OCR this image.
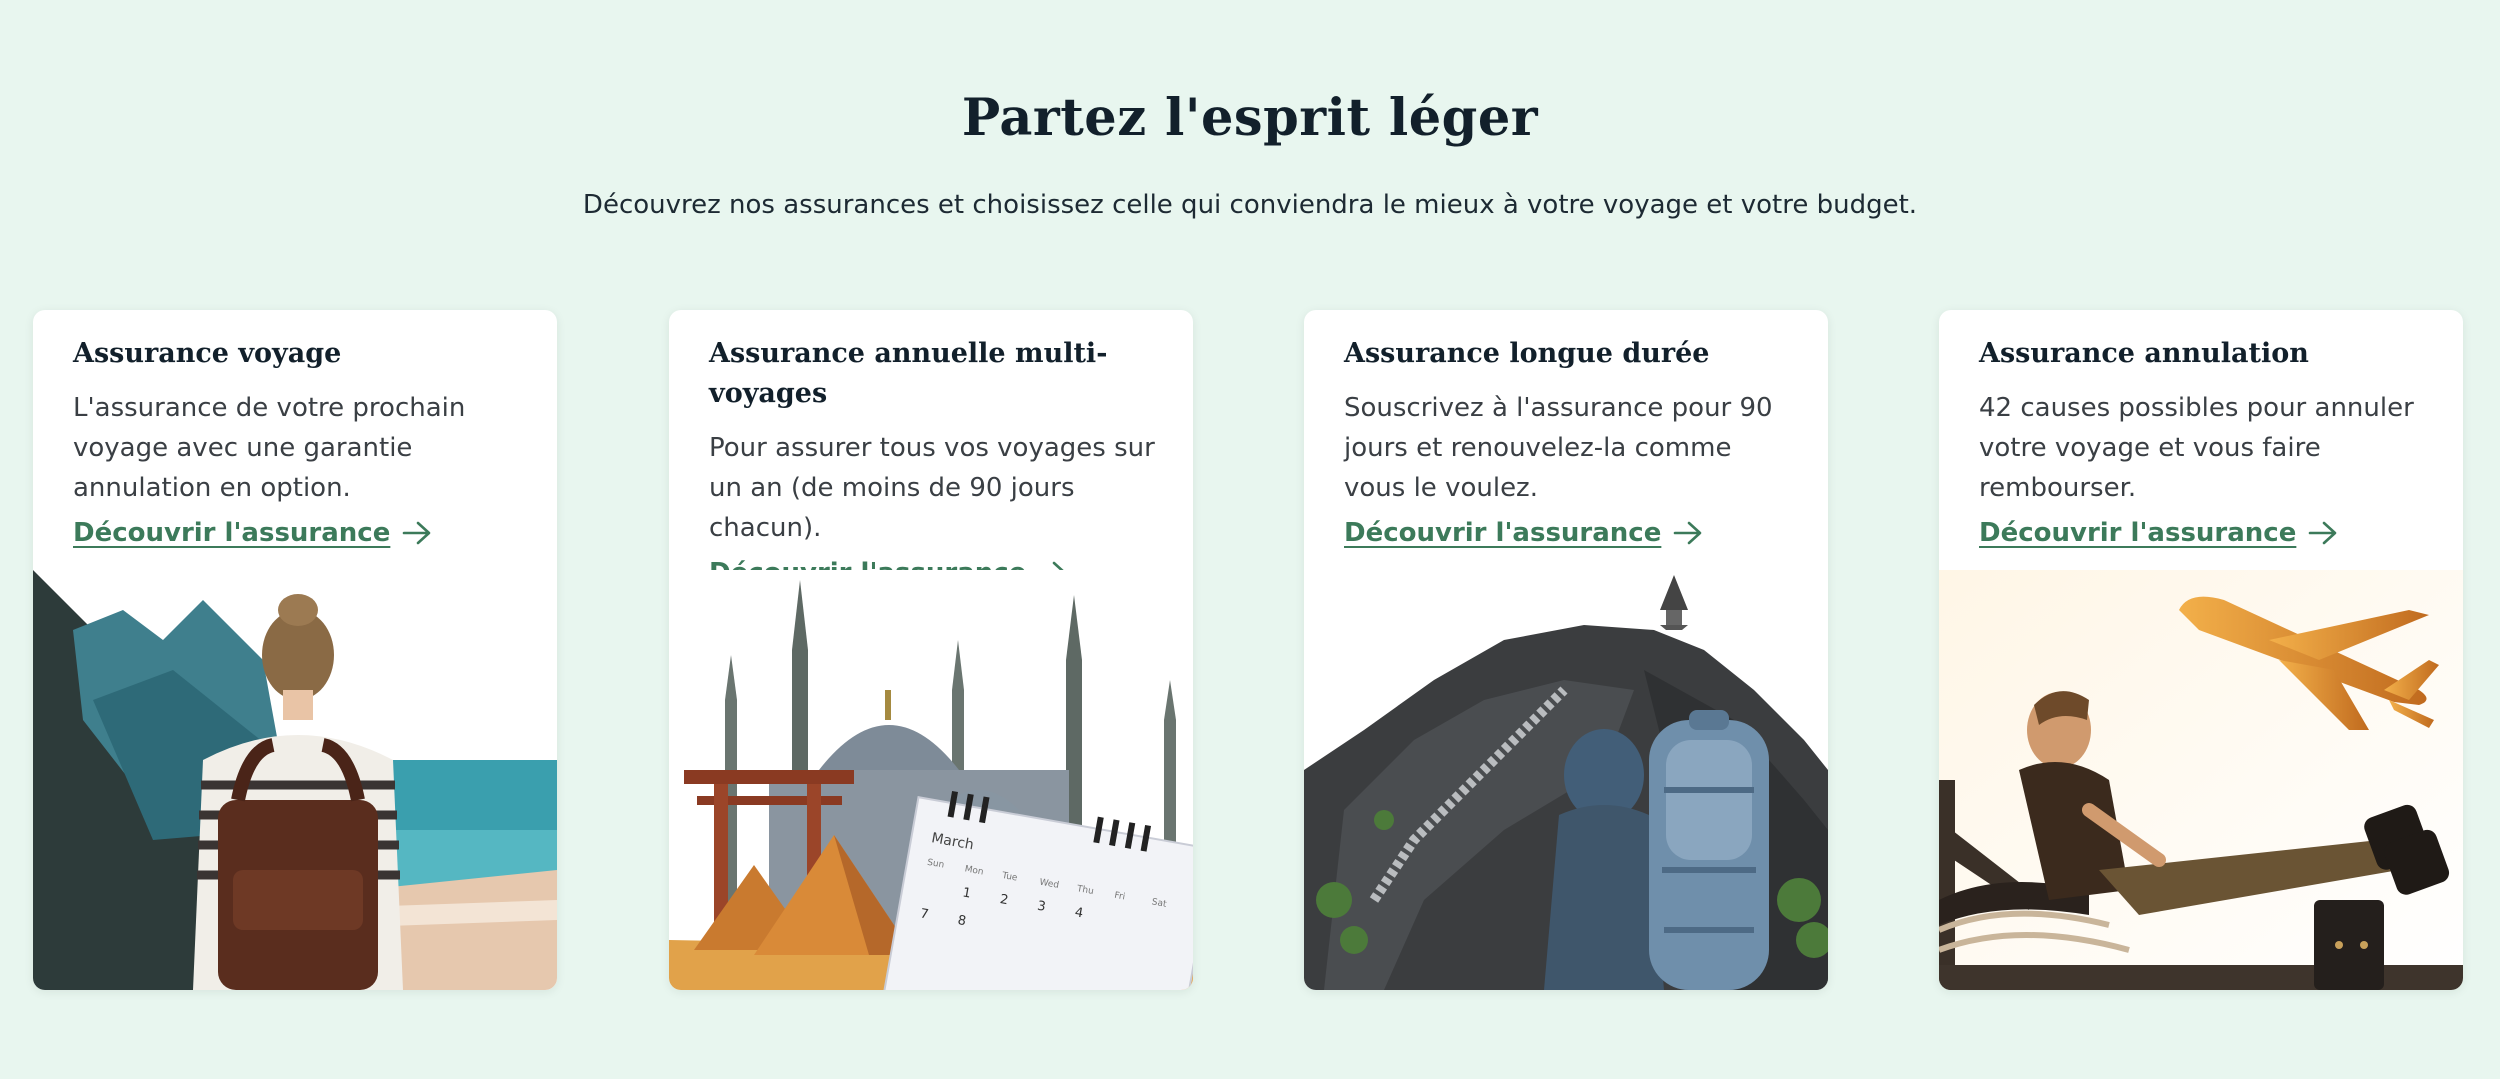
Partez l'esprit léger

Découvrez nos assurances et choisissez celle qui conviendra le mieux à votre voyage et votre budget.

Assurance voyage

L'assurance de votre prochain voyage avec une garantie annulation en option.

Découvrir l'assurance
Assurance annuelle multi-voyages

Pour assurer tous vos voyages sur un an (de moins de 90 jours chacun).

March
Sun
Mon Tue
Wed Thu Fri
Sat
1 2 3 4
7 8
Assurance longue durée

Souscrivez à l'assurance pour 90 jours et renouvelez-la comme vous le voulez.

Découvrir l'assurance
Assurance annulation

42 causes possibles pour annuler votre voyage et vous faire rembourser.

Découvrir l'assurance
